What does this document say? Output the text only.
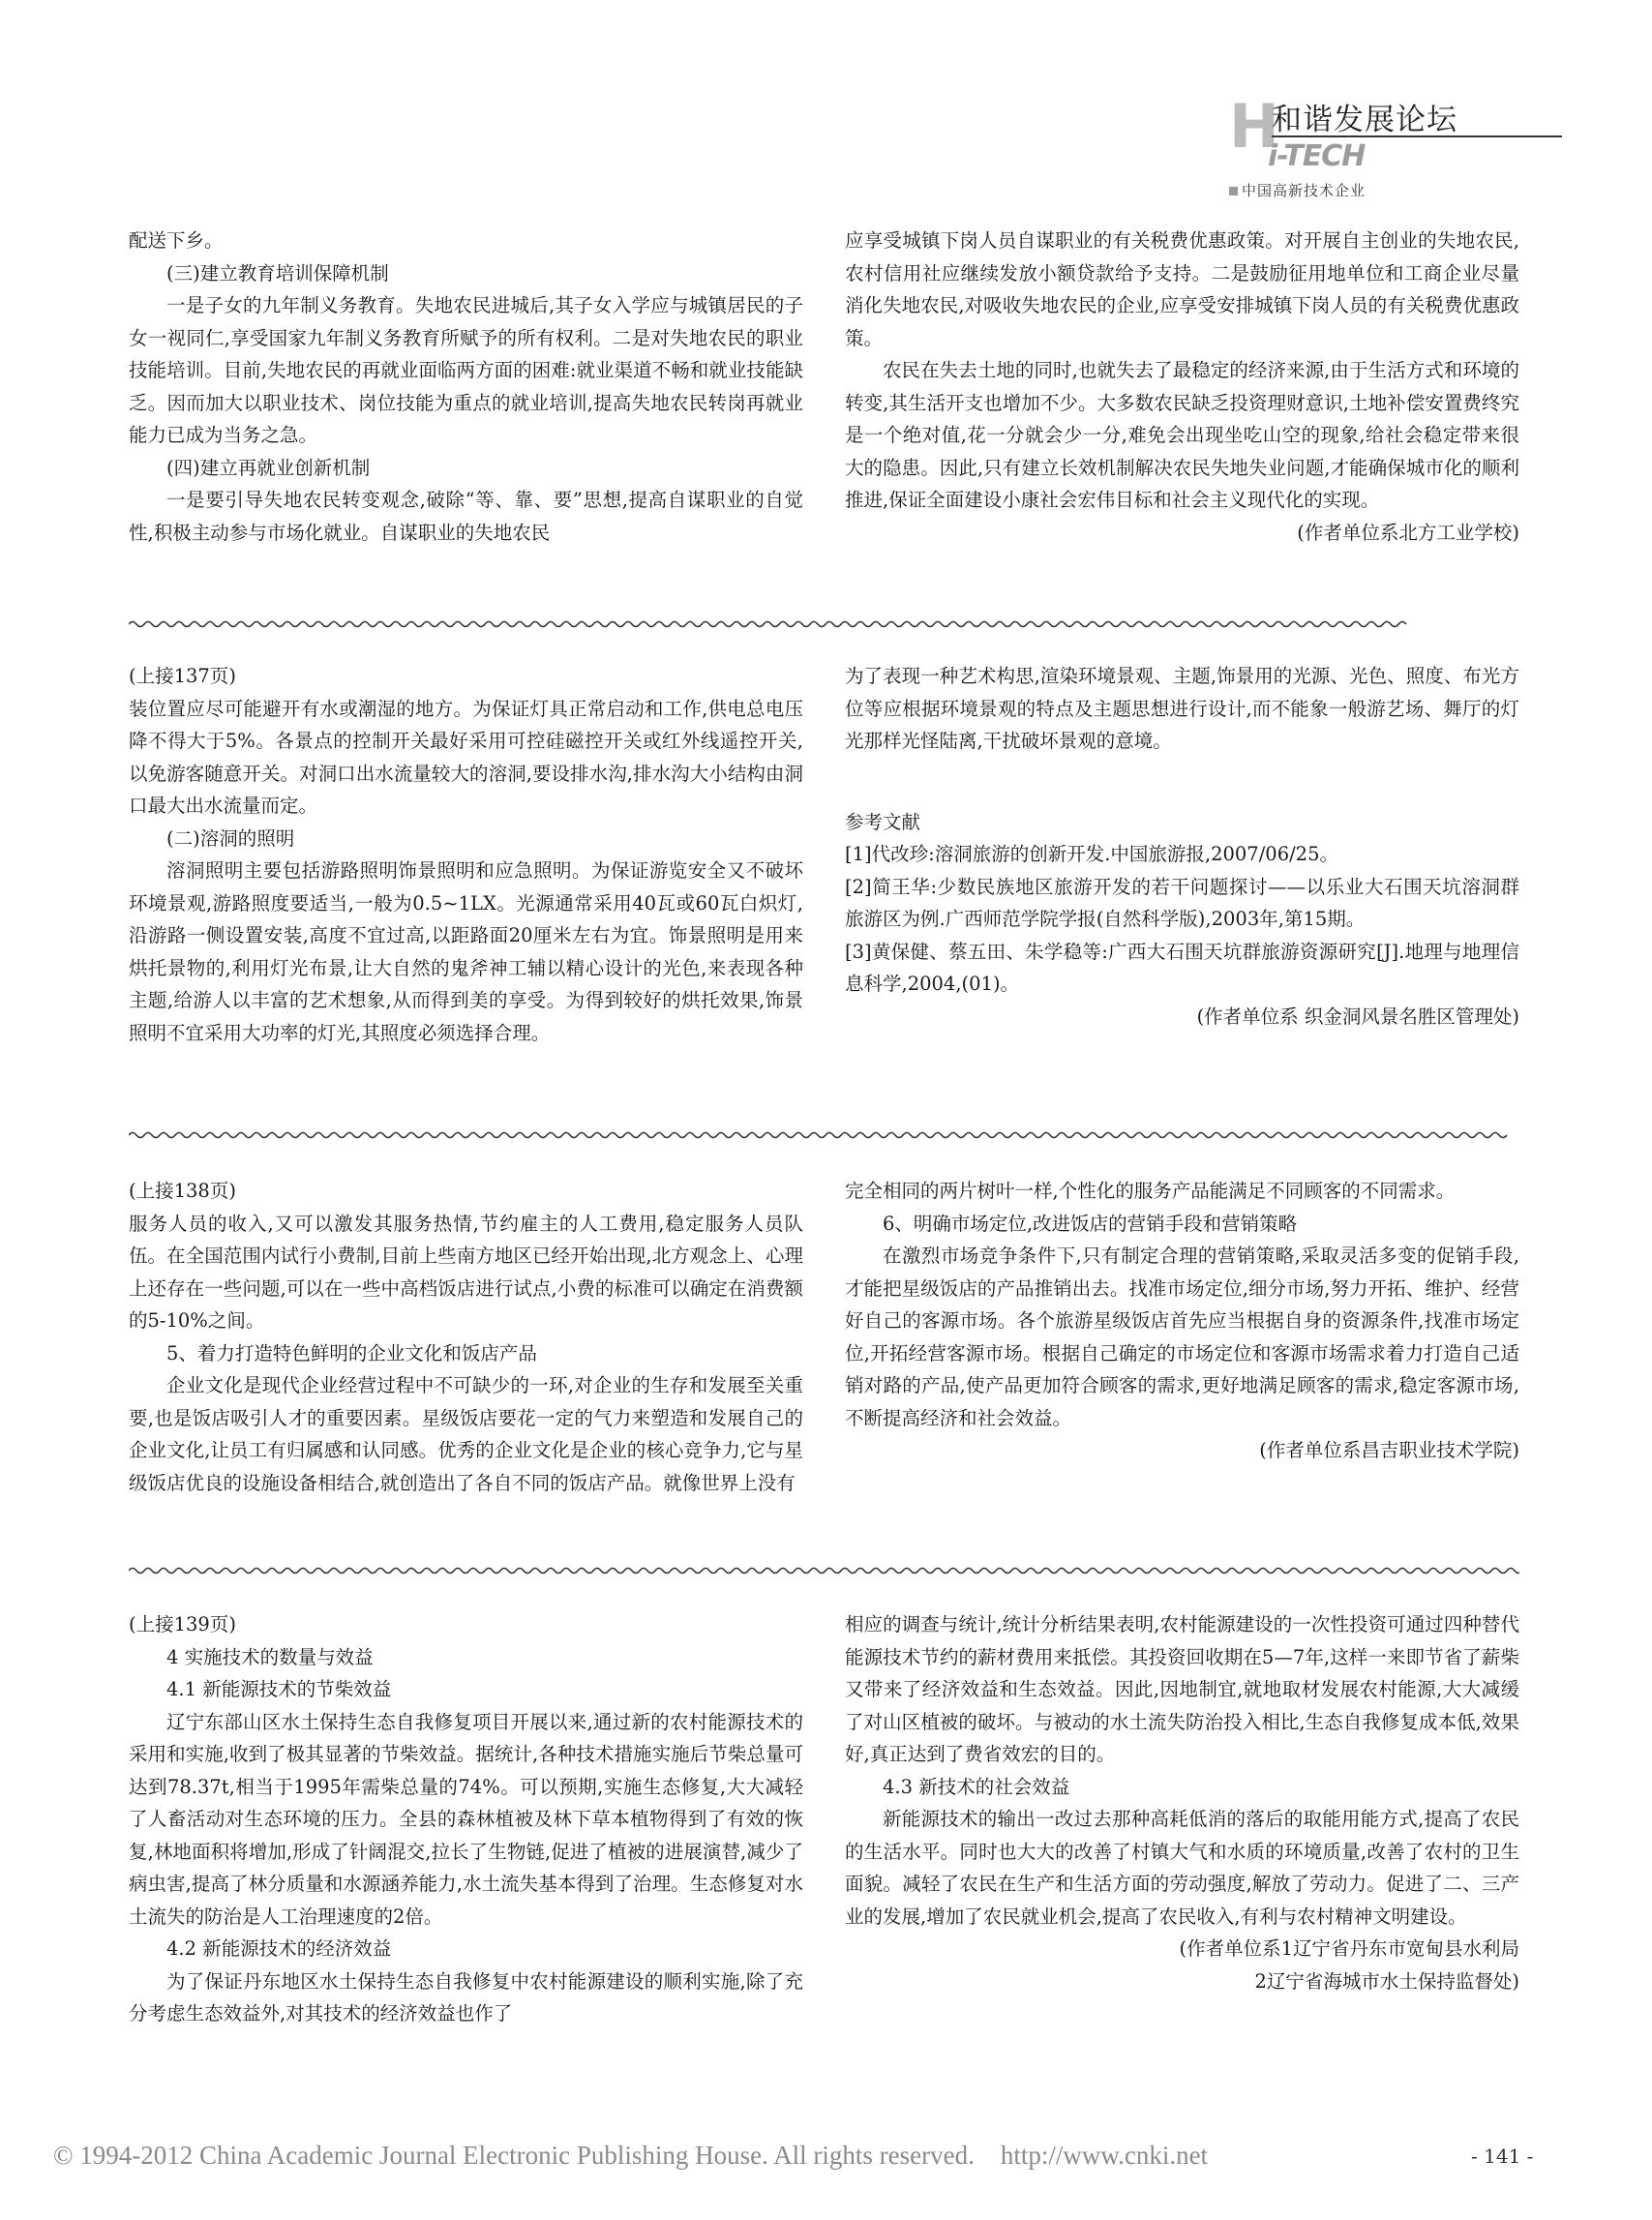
H
和谐发展论坛
i-TECH
中国高新技术企业

配送下乡。

(三)建立教育培训保障机制

一是子女的九年制义务教育。失地农民进城后,其子女入学应与城镇居民的子女一视同仁,享受国家九年制义务教育所赋予的所有权利。二是对失地农民的职业技能培训。目前,失地农民的再就业面临两方面的困难:就业渠道不畅和就业技能缺乏。因而加大以职业技术、岗位技能为重点的就业培训,提高失地农民转岗再就业能力已成为当务之急。

(四)建立再就业创新机制

一是要引导失地农民转变观念,破除“等、靠、要”思想,提高自谋职业的自觉性,积极主动参与市场化就业。自谋职业的失地农民

应享受城镇下岗人员自谋职业的有关税费优惠政策。对开展自主创业的失地农民,农村信用社应继续发放小额贷款给予支持。二是鼓励征用地单位和工商企业尽量消化失地农民,对吸收失地农民的企业,应享受安排城镇下岗人员的有关税费优惠政策。

农民在失去土地的同时,也就失去了最稳定的经济来源,由于生活方式和环境的转变,其生活开支也增加不少。大多数农民缺乏投资理财意识,土地补偿安置费终究是一个绝对值,花一分就会少一分,难免会出现坐吃山空的现象,给社会稳定带来很大的隐患。因此,只有建立长效机制解决农民失地失业问题,才能确保城市化的顺利推进,保证全面建设小康社会宏伟目标和社会主义现代化的实现。

(作者单位系北方工业学校)

(上接137页)

装位置应尽可能避开有水或潮湿的地方。为保证灯具正常启动和工作,供电总电压降不得大于5%。各景点的控制开关最好采用可控硅磁控开关或红外线遥控开关,以免游客随意开关。对洞口出水流量较大的溶洞,要设排水沟,排水沟大小结构由洞口最大出水流量而定。

(二)溶洞的照明

溶洞照明主要包括游路照明饰景照明和应急照明。为保证游览安全又不破坏环境景观,游路照度要适当,一般为0.5~1LX。光源通常采用40瓦或60瓦白炽灯,沿游路一侧设置安装,高度不宜过高,以距路面20厘米左右为宜。饰景照明是用来烘托景物的,利用灯光布景,让大自然的鬼斧神工辅以精心设计的光色,来表现各种主题,给游人以丰富的艺术想象,从而得到美的享受。为得到较好的烘托效果,饰景照明不宜采用大功率的灯光,其照度必须选择合理。

为了表现一种艺术构思,渲染环境景观、主题,饰景用的光源、光色、照度、布光方位等应根据环境景观的特点及主题思想进行设计,而不能象一般游艺场、舞厅的灯光那样光怪陆离,干扰破坏景观的意境。

参考文献

[1]代改珍:溶洞旅游的创新开发.中国旅游报,2007/06/25。

[2]简王华:少数民族地区旅游开发的若干问题探讨——以乐业大石围天坑溶洞群旅游区为例.广西师范学院学报(自然科学版),2003年,第15期。

[3]黄保健、蔡五田、朱学稳等:广西大石围天坑群旅游资源研究[J].地理与地理信息科学,2004,(01)。

(作者单位系 织金洞风景名胜区管理处)

(上接138页)

服务人员的收入,又可以激发其服务热情,节约雇主的人工费用,稳定服务人员队伍。在全国范围内试行小费制,目前上些南方地区已经开始出现,北方观念上、心理上还存在一些问题,可以在一些中高档饭店进行试点,小费的标准可以确定在消费额的5-10%之间。

5、着力打造特色鲜明的企业文化和饭店产品

企业文化是现代企业经营过程中不可缺少的一环,对企业的生存和发展至关重要,也是饭店吸引人才的重要因素。星级饭店要花一定的气力来塑造和发展自己的企业文化,让员工有归属感和认同感。优秀的企业文化是企业的核心竞争力,它与星级饭店优良的设施设备相结合,就创造出了各自不同的饭店产品。就像世界上没有

完全相同的两片树叶一样,个性化的服务产品能满足不同顾客的不同需求。

6、明确市场定位,改进饭店的营销手段和营销策略

在激烈市场竞争条件下,只有制定合理的营销策略,采取灵活多变的促销手段,才能把星级饭店的产品推销出去。找准市场定位,细分市场,努力开拓、维护、经营好自己的客源市场。各个旅游星级饭店首先应当根据自身的资源条件,找准市场定位,开拓经营客源市场。根据自己确定的市场定位和客源市场需求着力打造自己适销对路的产品,使产品更加符合顾客的需求,更好地满足顾客的需求,稳定客源市场,不断提高经济和社会效益。

(作者单位系昌吉职业技术学院)

(上接139页)

4 实施技术的数量与效益

4.1 新能源技术的节柴效益

辽宁东部山区水土保持生态自我修复项目开展以来,通过新的农村能源技术的采用和实施,收到了极其显著的节柴效益。据统计,各种技术措施实施后节柴总量可达到78.37t,相当于1995年需柴总量的74%。可以预期,实施生态修复,大大减轻了人畜活动对生态环境的压力。全县的森林植被及林下草本植物得到了有效的恢复,林地面积将增加,形成了针阔混交,拉长了生物链,促进了植被的进展演替,减少了病虫害,提高了林分质量和水源涵养能力,水土流失基本得到了治理。生态修复对水土流失的防治是人工治理速度的2倍。

4.2 新能源技术的经济效益

为了保证丹东地区水土保持生态自我修复中农村能源建设的顺利实施,除了充分考虑生态效益外,对其技术的经济效益也作了

相应的调查与统计,统计分析结果表明,农村能源建设的一次性投资可通过四种替代能源技术节约的薪材费用来抵偿。其投资回收期在5—7年,这样一来即节省了薪柴又带来了经济效益和生态效益。因此,因地制宜,就地取材发展农村能源,大大减缓了对山区植被的破坏。与被动的水土流失防治投入相比,生态自我修复成本低,效果好,真正达到了费省效宏的目的。

4.3 新技术的社会效益

新能源技术的输出一改过去那种高耗低消的落后的取能用能方式,提高了农民的生活水平。同时也大大的改善了村镇大气和水质的环境质量,改善了农村的卫生面貌。减轻了农民在生产和生活方面的劳动强度,解放了劳动力。促进了二、三产业的发展,增加了农民就业机会,提高了农民收入,有利与农村精神文明建设。

(作者单位系1辽宁省丹东市宽甸县水利局

2辽宁省海城市水土保持监督处)

© 1994-2012 China Academic Journal Electronic Publishing House. All rights reserved.    http://www.cnki.net	- 141 -
